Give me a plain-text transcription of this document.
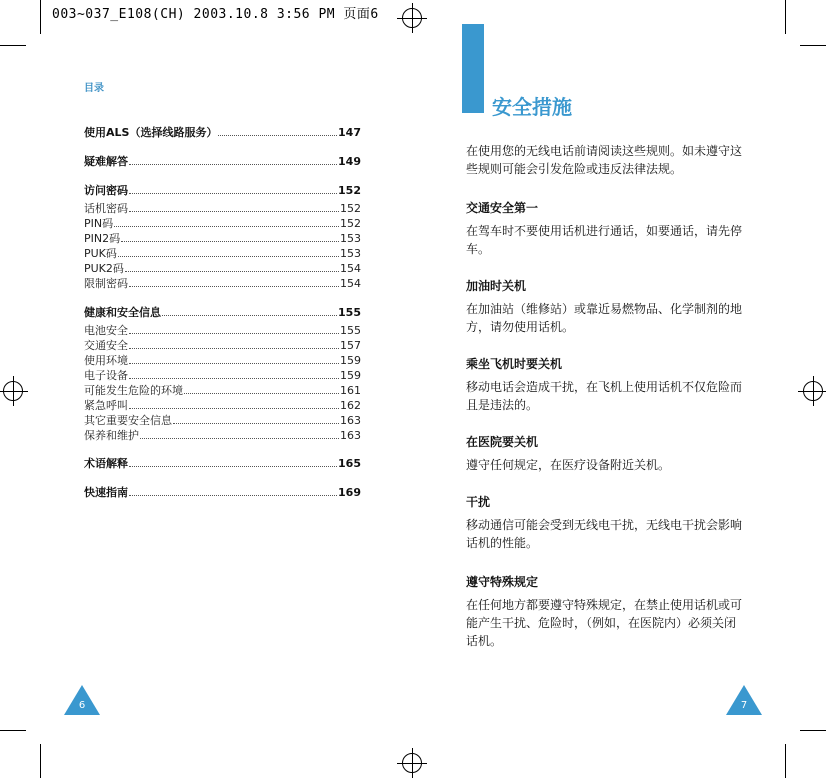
003~037_E108(CH) 2003.10.8 3:56 PM 页面6
目录
使用ALS（选择线路服务）	147
疑难解答	149
访问密码	152
话机密码	152
PIN码	152
PIN2码	153
PUK码	153
PUK2码	154
限制密码	154
健康和安全信息	155
电池安全	155
交通安全	157
使用环境	159
电子设备	159
可能发生危险的环境	161
紧急呼叫	162
其它重要安全信息	163
保养和维护	163
术语解释	165
快速指南	169
6
安全措施
在使用您的无线电话前请阅读这些规则。如未遵守这些规则可能会引发危险或违反法律法规。
交通安全第一
在驾车时不要使用话机进行通话，如要通话，请先停车。
加油时关机
在加油站（维修站）或靠近易燃物品、化学制剂的地方，请勿使用话机。
乘坐飞机时要关机
移动电话会造成干扰，在飞机上使用话机不仅危险而且是违法的。
在医院要关机
遵守任何规定，在医疗设备附近关机。
干扰
移动通信可能会受到无线电干扰，无线电干扰会影响话机的性能。
遵守特殊规定
在任何地方都要遵守特殊规定，在禁止使用话机或可能产生干扰、危险时，（例如，在医院内）必须关闭话机。
7
